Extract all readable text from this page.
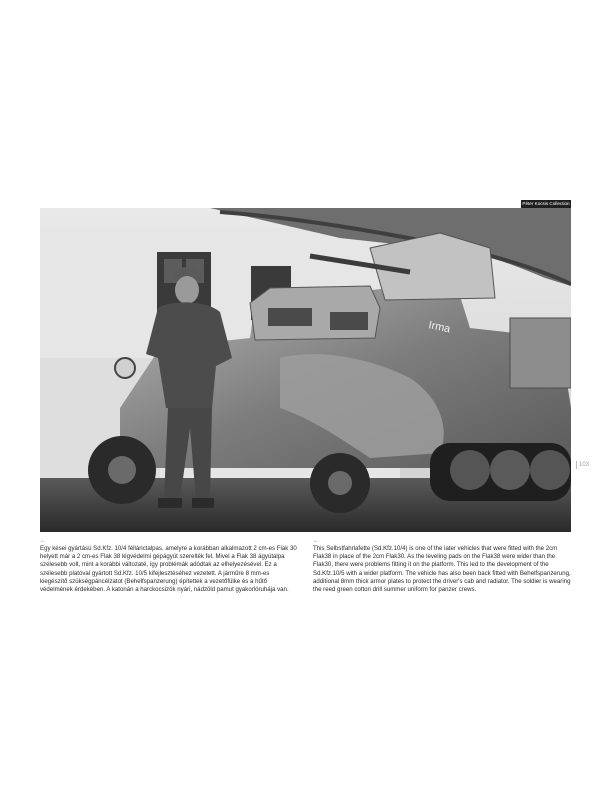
Péter Kocsis Collection
Irma
103
←
Egy kései gyártású Sd.Kfz. 10/4 féllánctalpas, amelyre a korábban alkalmazott 2 cm-es Flak 30 helyett már a 2 cm-es Flak 38 légvédelmi gépágyút szerelték fel. Mivel a Flak 38 ágyútalpa szélesebb volt, mint a korábbi változaté, így problémák adódtak az elhelyezésével. Ez a szélesebb platóval gyártott Sd.Kfz. 10/5 kifejlesztéséhez vezetett. A járműre 8 mm-es kiegészítő szükségpáncélzatot (Behelfspanzerung) építettek a vezetőfülke és a hűtő védelmének érdekében. A katonán a harckocsizók nyári, nádzöld pamut gyakorlóruhája van.
←
This Selbstfahrlafette (Sd.Kfz.10/4) is one of the later vehicles that were fitted with the 2cm Flak38 in place of the 2cm Flak30. As the leveling pads on the Flak38 were wider than the Flak30, there were problems fitting it on the platform. This led to the development of the Sd.Kfz.10/5 with a wider platform. The vehicle has also been back fitted with Behelfspanzerung, additional 8mm thick armor plates to protect the driver's cab and radiator. The soldier is wearing the reed green cotton drill summer uniform for panzer crews.
